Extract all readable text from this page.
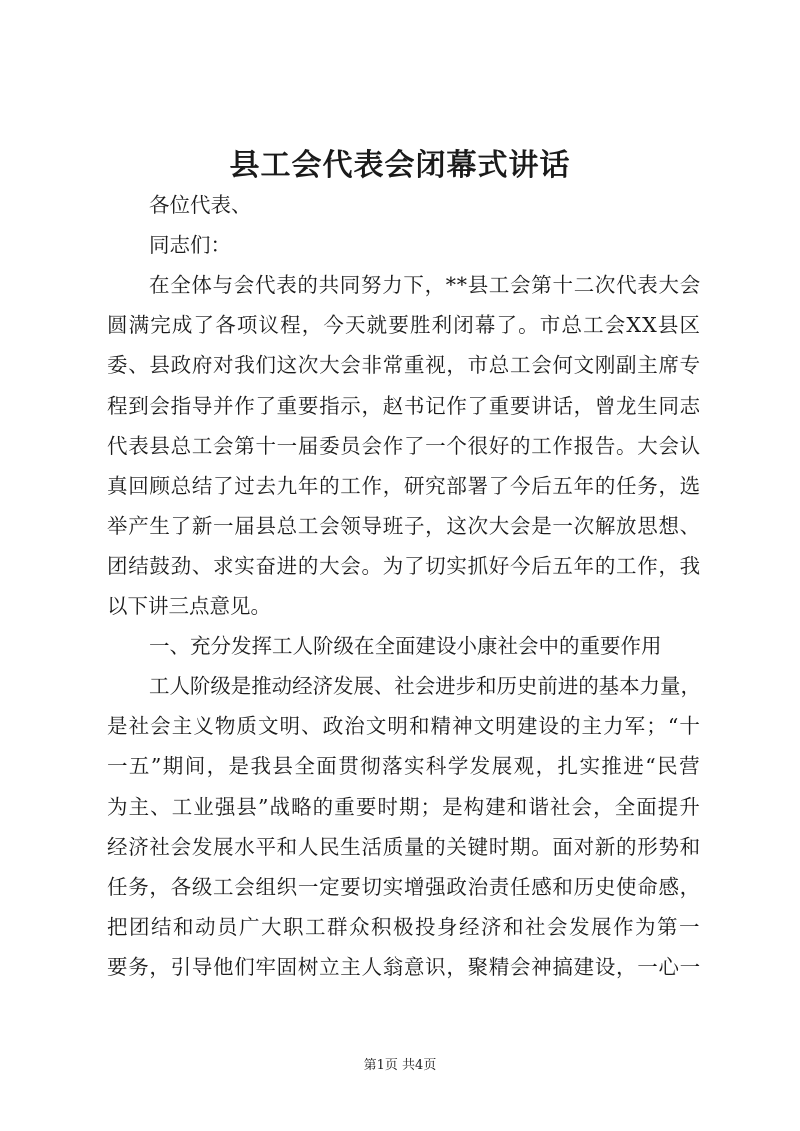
县工会代表会闭幕式讲话
各位代表、
同志们：
在全体与会代表的共同努力下，**县工会第十二次代表大会
圆满完成了各项议程，今天就要胜利闭幕了。市总工会XX县区
委、县政府对我们这次大会非常重视，市总工会何文刚副主席专
程到会指导并作了重要指示，赵书记作了重要讲话，曾龙生同志
代表县总工会第十一届委员会作了一个很好的工作报告。大会认
真回顾总结了过去九年的工作，研究部署了今后五年的任务，选
举产生了新一届县总工会领导班子，这次大会是一次解放思想、
团结鼓劲、求实奋进的大会。为了切实抓好今后五年的工作，我
以下讲三点意见。
一、充分发挥工人阶级在全面建设小康社会中的重要作用
工人阶级是推动经济发展、社会进步和历史前进的基本力量，
是社会主义物质文明、政治文明和精神文明建设的主力军；“十
一五”期间，是我县全面贯彻落实科学发展观，扎实推进“民营
为主、工业强县”战略的重要时期；是构建和谐社会，全面提升
经济社会发展水平和人民生活质量的关键时期。面对新的形势和
任务，各级工会组织一定要切实增强政治责任感和历史使命感，
把团结和动员广大职工群众积极投身经济和社会发展作为第一
要务，引导他们牢固树立主人翁意识，聚精会神搞建设，一心一
第1页 共4页
